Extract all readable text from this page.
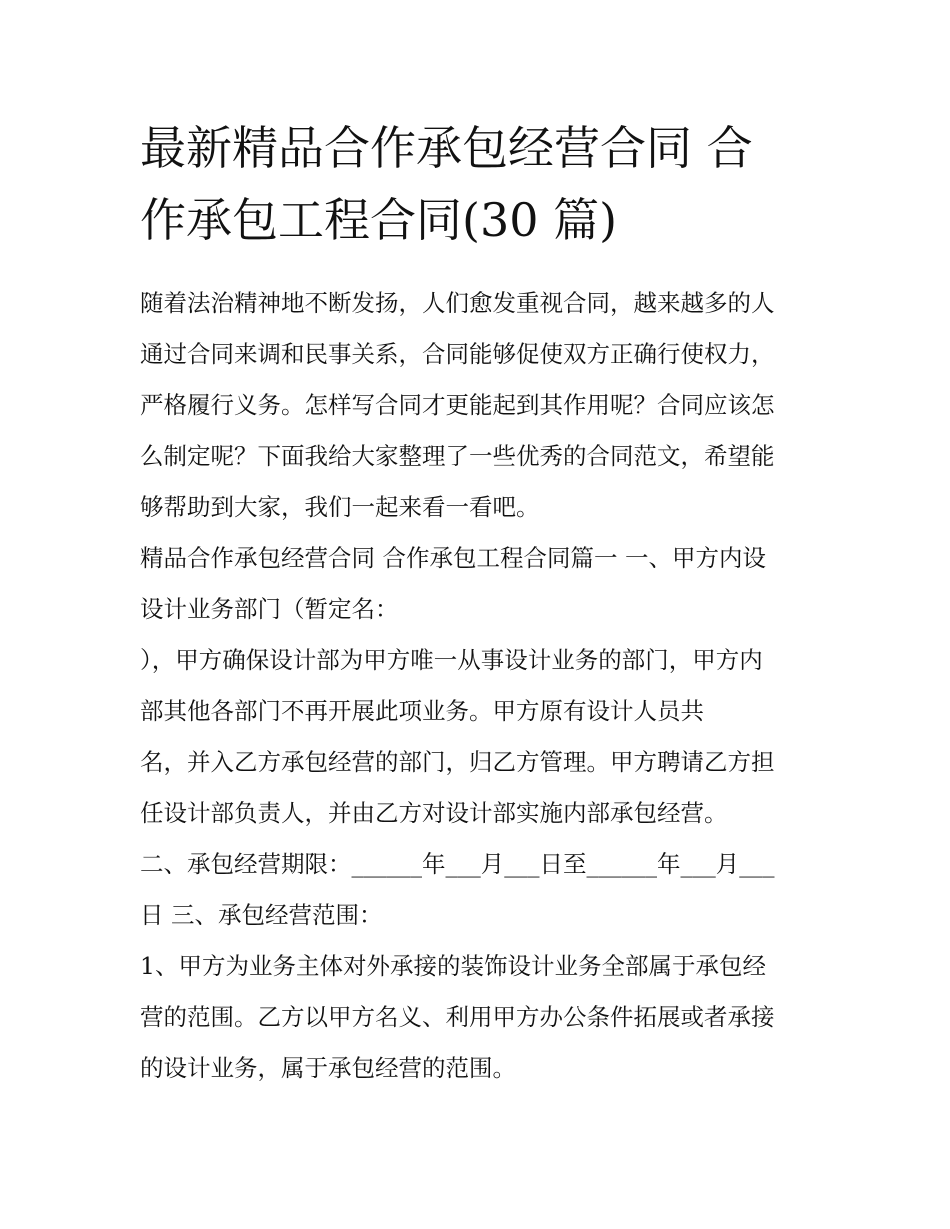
最新精品合作承包经营合同 合
作承包工程合同(30 篇)
随着法治精神地不断发扬，人们愈发重视合同，越来越多的人
通过合同来调和民事关系，合同能够促使双方正确行使权力，
严格履行义务。怎样写合同才更能起到其作用呢？合同应该怎
么制定呢？下面我给大家整理了一些优秀的合同范文，希望能
够帮助到大家，我们一起来看一看吧。
精品合作承包经营合同 合作承包工程合同篇一 一、甲方内设
设计业务部门（暂定名：
），甲方确保设计部为甲方唯一从事设计业务的部门，甲方内
部其他各部门不再开展此项业务。甲方原有设计人员共
名，并入乙方承包经营的部门，归乙方管理。甲方聘请乙方担
任设计部负责人，并由乙方对设计部实施内部承包经营。
二、承包经营期限：______年___月___日至______年___月___
日 三、承包经营范围：
1、甲方为业务主体对外承接的装饰设计业务全部属于承包经
营的范围。乙方以甲方名义、利用甲方办公条件拓展或者承接
的设计业务，属于承包经营的范围。
